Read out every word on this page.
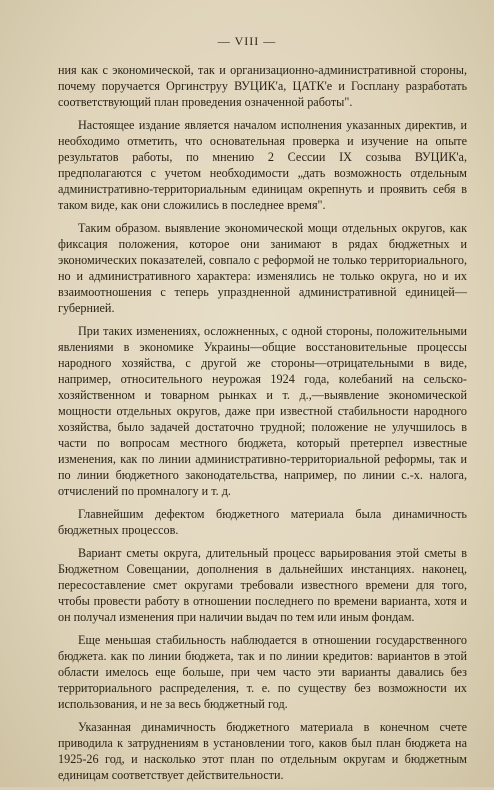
— VIII —

ния как с экономической, так и организационно-административной стороны, почему поручается Оргинструу ВУЦИК'а, ЦАТК'е и Госплану разработать соответствующий план проведения означенной работы".

Настоящее издание является началом исполнения указанных директив, и необходимо отметить, что основательная проверка и изучение на опыте результатов работы, по мнению 2 Сессии IX созыва ВУЦИК'а, предполагаются с учетом необходимости „дать возможность отдельным административно-территориальным единицам окрепнуть и проявить себя в таком виде, как они сложились в последнее время".

Таким образом. выявление экономической мощи отдельных округов, как фиксация положения, которое они занимают в рядах бюджетных и экономических показателей, совпало с реформой не только территориального, но и административного характера: изменялись не только округа, но и их взаимоотношения с теперь упраздненной административной единицей—губернией.

При таких изменениях, осложненных, с одной стороны, положительными явлениями в экономике Украины—общие восстановительные процессы народного хозяйства, с другой же стороны—отрицательными в виде, например, относительного неурожая 1924 года, колебаний на сельско-хозяйственном и товарном рынках и т. д.,—выявление экономической мощности отдельных округов, даже при известной стабильности народного хозяйства, было задачей достаточно трудной; положение не улучшилось в части по вопросам местного бюджета, который претерпел известные изменения, как по линии административно-территориальной реформы, так и по линии бюджетного законодательства, например, по линии с.-х. налога, отчислений по промналогу и т. д.

Главнейшим дефектом бюджетного материала была динамичность бюджетных процессов.

Вариант сметы округа, длительный процесс варьирования этой сметы в Бюджетном Совещании, дополнения в дальнейших инстанциях. наконец, пересоставление смет округами требовали известного времени для того, чтобы провести работу в отношении последнего по времени варианта, хотя и он получал изменения при наличии выдач по тем или иным фондам.

Еще меньшая стабильность наблюдается в отношении государственного бюджета. как по линии бюджета, так и по линии кредитов: вариантов в этой области имелось еще больше, при чем часто эти варианты давались без территориального распределения, т. е. по существу без возможности их использования, и не за весь бюджетный год.

Указанная динамичность бюджетного материала в конечном счете приводила к затруднениям в установлении того, каков был план бюджета на 1925-26 год, и насколько этот план по отдельным округам и бюджетным единицам соответствует действительности.
